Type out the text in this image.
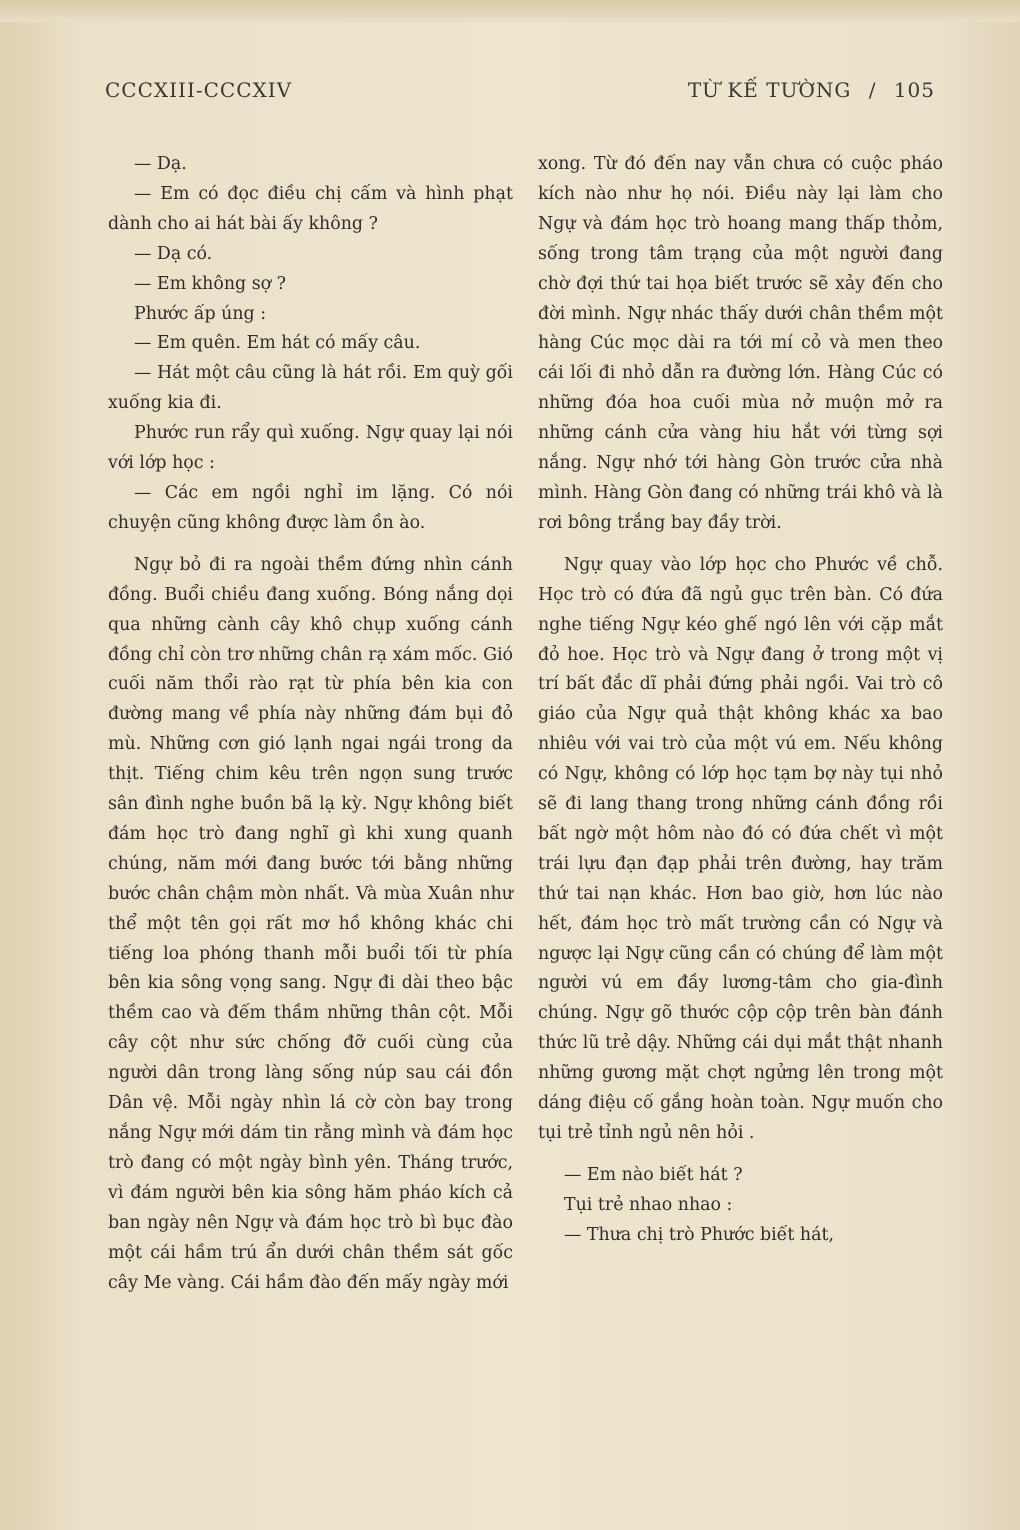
CCCXIII-CCCXIV	TỪ KẾ TƯỜNG / 105

— Dạ.

— Em có đọc điều chị cấm và hình phạt dành cho ai hát bài ấy không ?

— Dạ có.

— Em không sợ ?

Phước ấp úng :

— Em quên. Em hát có mấy câu.

— Hát một câu cũng là hát rồi. Em quỳ gối xuống kia đi.

Phước run rẩy quì xuống. Ngự quay lại nói với lớp học :

— Các em ngồi nghỉ im lặng. Có nói chuyện cũng không được làm ồn ào.

Ngự bỏ đi ra ngoài thềm đứng nhìn cánh đồng. Buổi chiều đang xuống. Bóng nắng dọi qua những cành cây khô chụp xuống cánh đồng chỉ còn trơ những chân rạ xám mốc. Gió cuối năm thổi rào rạt từ phía bên kia con đường mang về phía này những đám bụi đỏ mù. Những cơn gió lạnh ngai ngái trong da thịt. Tiếng chim kêu trên ngọn sung trước sân đình nghe buồn bã lạ kỳ. Ngự không biết đám học trò đang nghĩ gì khi xung quanh chúng, năm mới đang bước tới bằng những bước chân chậm mòn nhất. Và mùa Xuân như thể một tên gọi rất mơ hồ không khác chi tiếng loa phóng thanh mỗi buổi tối từ phía bên kia sông vọng sang. Ngự đi dài theo bậc thềm cao và đếm thầm những thân cột. Mỗi cây cột như sức chống đỡ cuối cùng của người dân trong làng sống núp sau cái đồn Dân vệ. Mỗi ngày nhìn lá cờ còn bay trong nắng Ngự mới dám tin rằng mình và đám học trò đang có một ngày bình yên. Tháng trước, vì đám người bên kia sông hăm pháo kích cả ban ngày nên Ngự và đám học trò bì bục đào một cái hầm trú ẩn dưới chân thềm sát gốc cây Me vàng. Cái hầm đào đến mấy ngày mới

xong. Từ đó đến nay vẫn chưa có cuộc pháo kích nào như họ nói. Điều này lại làm cho Ngự và đám học trò hoang mang thấp thỏm, sống trong tâm trạng của một người đang chờ đợi thứ tai họa biết trước sẽ xảy đến cho đời mình. Ngự nhác thấy dưới chân thềm một hàng Cúc mọc dài ra tới mí cỏ và men theo cái lối đi nhỏ dẫn ra đường lớn. Hàng Cúc có những đóa hoa cuối mùa nở muộn mở ra những cánh cửa vàng hiu hắt với từng sợi nắng. Ngự nhớ tới hàng Gòn trước cửa nhà mình. Hàng Gòn đang có những trái khô và là rơi bông trắng bay đầy trời.

Ngự quay vào lớp học cho Phước về chỗ. Học trò có đứa đã ngủ gục trên bàn. Có đứa nghe tiếng Ngự kéo ghế ngó lên với cặp mắt đỏ hoe. Học trò và Ngự đang ở trong một vị trí bất đắc dĩ phải đứng phải ngồi. Vai trò cô giáo của Ngự quả thật không khác xa bao nhiêu với vai trò của một vú em. Nếu không có Ngự, không có lớp học tạm bợ này tụi nhỏ sẽ đi lang thang trong những cánh đồng rồi bất ngờ một hôm nào đó có đứa chết vì một trái lựu đạn đạp phải trên đường, hay trăm thứ tai nạn khác. Hơn bao giờ, hơn lúc nào hết, đám học trò mất trường cần có Ngự và ngược lại Ngự cũng cần có chúng để làm một người vú em đầy lương-tâm cho gia-đình chúng. Ngự gõ thước cộp cộp trên bàn đánh thức lũ trẻ dậy. Những cái dụi mắt thật nhanh những gương mặt chợt ngửng lên trong một dáng điệu cố gắng hoàn toàn. Ngự muốn cho tụi trẻ tỉnh ngủ nên hỏi .

— Em nào biết hát ?

Tụi trẻ nhao nhao :

— Thưa chị trò Phước biết hát,
